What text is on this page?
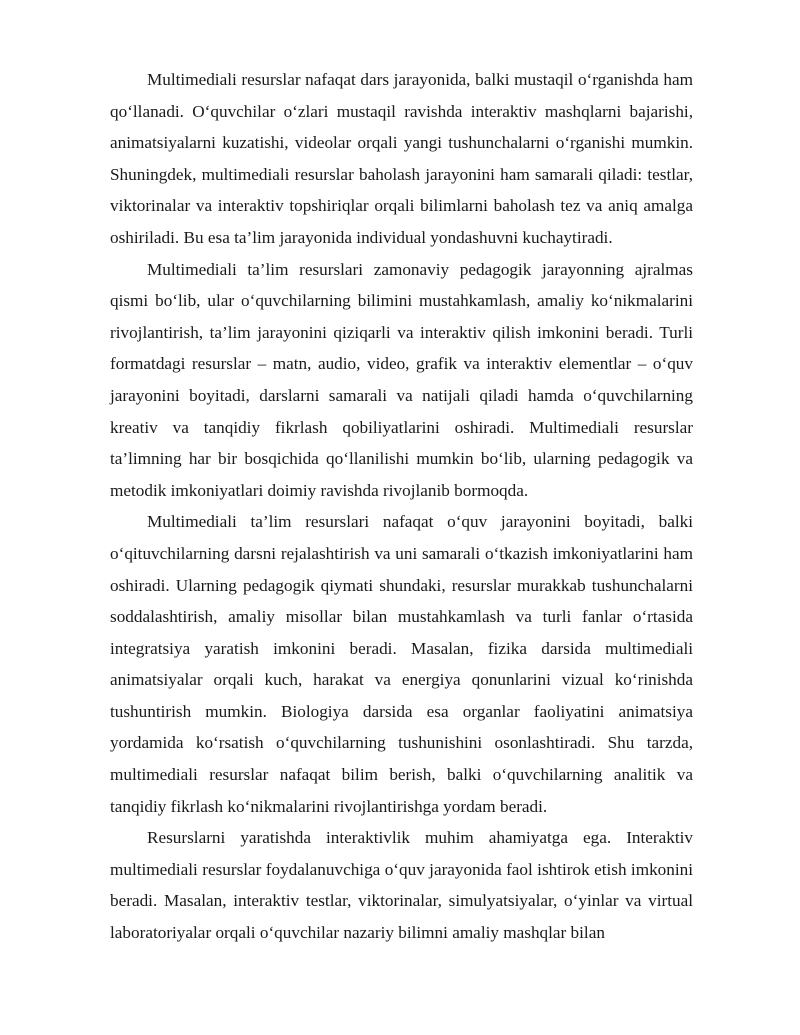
Multimediali resurslar nafaqat dars jarayonida, balki mustaqil o‘rganishda ham qo‘llanadi. O‘quvchilar o‘zlari mustaqil ravishda interaktiv mashqlarni bajarishi, animatsiyalarni kuzatishi, videolar orqali yangi tushunchalarni o‘rganishi mumkin. Shuningdek, multimediali resurslar baholash jarayonini ham samarali qiladi: testlar, viktorinalar va interaktiv topshiriqlar orqali bilimlarni baholash tez va aniq amalga oshiriladi. Bu esa ta’lim jarayonida individual yondashuvni kuchaytiradi.

Multimediali ta’lim resurslari zamonaviy pedagogik jarayonning ajralmas qismi bo‘lib, ular o‘quvchilarning bilimini mustahkamlash, amaliy ko‘nikmalarini rivojlantirish, ta’lim jarayonini qiziqarli va interaktiv qilish imkonini beradi. Turli formatdagi resurslar – matn, audio, video, grafik va interaktiv elementlar – o‘quv jarayonini boyitadi, darslarni samarali va natijali qiladi hamda o‘quvchilarning kreativ va tanqidiy fikrlash qobiliyatlarini oshiradi. Multimediali resurslar ta’limning har bir bosqichida qo‘llanilishi mumkin bo‘lib, ularning pedagogik va metodik imkoniyatlari doimiy ravishda rivojlanib bormoqda.

Multimediali ta’lim resurslari nafaqat o‘quv jarayonini boyitadi, balki o‘qituvchilarning darsni rejalashtirish va uni samarali o‘tkazish imkoniyatlarini ham oshiradi. Ularning pedagogik qiymati shundaki, resurslar murakkab tushunchalarni soddalashtirish, amaliy misollar bilan mustahkamlash va turli fanlar o‘rtasida integratsiya yaratish imkonini beradi. Masalan, fizika darsida multimediali animatsiyalar orqali kuch, harakat va energiya qonunlarini vizual ko‘rinishda tushuntirish mumkin. Biologiya darsida esa organlar faoliyatini animatsiya yordamida ko‘rsatish o‘quvchilarning tushunishini osonlashtiradi. Shu tarzda, multimediali resurslar nafaqat bilim berish, balki o‘quvchilarning analitik va tanqidiy fikrlash ko‘nikmalarini rivojlantirishga yordam beradi.

Resurslarni yaratishda interaktivlik muhim ahamiyatga ega. Interaktiv multimediali resurslar foydalanuvchiga o‘quv jarayonida faol ishtirok etish imkonini beradi. Masalan, interaktiv testlar, viktorinalar, simulyatsiyalar, o‘yinlar va virtual laboratoriyalar orqali o‘quvchilar nazariy bilimni amaliy mashqlar bilan
